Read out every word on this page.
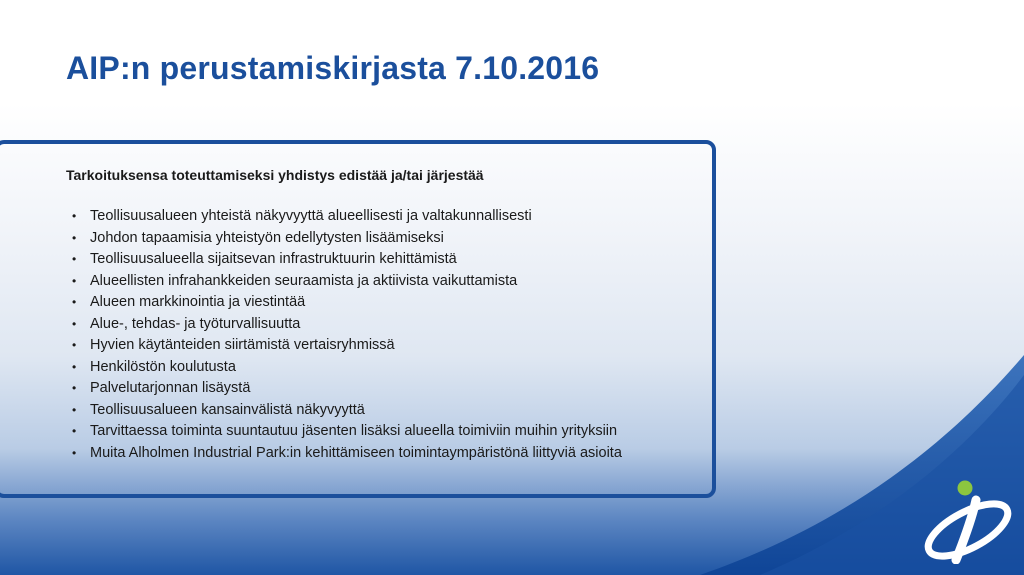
AIP:n perustamiskirjasta 7.10.2016

Tarkoituksensa toteuttamiseksi yhdistys edistää ja/tai järjestää

• Teollisuusalueen yhteistä näkyvyyttä alueellisesti ja valtakunnallisesti
• Johdon tapaamisia yhteistyön edellytysten lisäämiseksi
• Teollisuusalueella sijaitsevan infrastruktuurin kehittämistä
• Alueellisten infrahankkeiden seuraamista ja aktiivista vaikuttamista
• Alueen markkinointia ja viestintää
• Alue-, tehdas- ja työturvallisuutta
• Hyvien käytänteiden siirtämistä vertaisryhmissä
• Henkilöstön koulutusta
• Palvelutarjonnan lisäystä
• Teollisuusalueen kansainvälistä näkyvyyttä
• Tarvittaessa toiminta suuntautuu jäsenten lisäksi alueella toimiviin muihin yrityksiin
• Muita Alholmen Industrial Park:in kehittämiseen toimintaympäristönä liittyviä asioita
